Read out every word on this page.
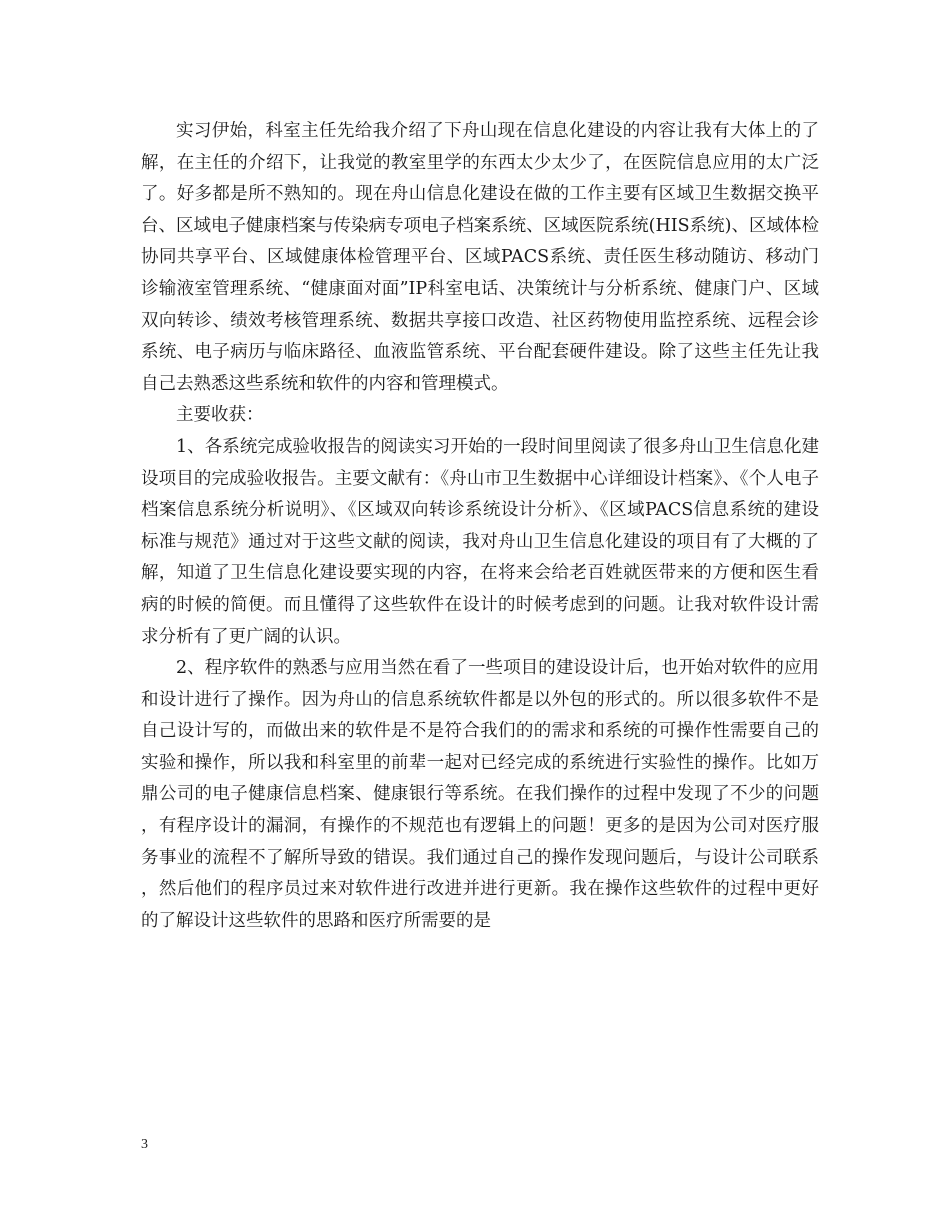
实习伊始，科室主任先给我介绍了下舟山现在信息化建设的内容让我有大体上的了解，在主任的介绍下，让我觉的教室里学的东西太少太少了，在医院信息应用的太广泛了。好多都是所不熟知的。现在舟山信息化建设在做的工作主要有区域卫生数据交换平台、区域电子健康档案与传染病专项电子档案系统、区域医院系统(HIS系统)、区域体检协同共享平台、区域健康体检管理平台、区域PACS系统、责任医生移动随访、移动门诊输液室管理系统、“健康面对面”IP科室电话、决策统计与分析系统、健康门户、区域双向转诊、绩效考核管理系统、数据共享接口改造、社区药物使用监控系统、远程会诊系统、电子病历与临床路径、血液监管系统、平台配套硬件建设。除了这些主任先让我自己去熟悉这些系统和软件的内容和管理模式。

主要收获：

1、各系统完成验收报告的阅读实习开始的一段时间里阅读了很多舟山卫生信息化建设项目的完成验收报告。主要文献有：《舟山市卫生数据中心详细设计档案》、《个人电子档案信息系统分析说明》、《区域双向转诊系统设计分析》、《区域PACS信息系统的建设标准与规范》通过对于这些文献的阅读，我对舟山卫生信息化建设的项目有了大概的了解，知道了卫生信息化建设要实现的内容，在将来会给老百姓就医带来的方便和医生看病的时候的简便。而且懂得了这些软件在设计的时候考虑到的问题。让我对软件设计需求分析有了更广阔的认识。

2、程序软件的熟悉与应用当然在看了一些项目的建设设计后，也开始对软件的应用和设计进行了操作。因为舟山的信息系统软件都是以外包的形式的。所以很多软件不是自己设计写的，而做出来的软件是不是符合我们的的需求和系统的可操作性需要自己的实验和操作，所以我和科室里的前辈一起对已经完成的系统进行实验性的操作。比如万鼎公司的电子健康信息档案、健康银行等系统。在我们操作的过程中发现了不少的问题，有程序设计的漏洞，有操作的不规范也有逻辑上的问题！更多的是因为公司对医疗服务事业的流程不了解所导致的错误。我们通过自己的操作发现问题后，与设计公司联系，然后他们的程序员过来对软件进行改进并进行更新。我在操作这些软件的过程中更好的了解设计这些软件的思路和医疗所需要的是

3
